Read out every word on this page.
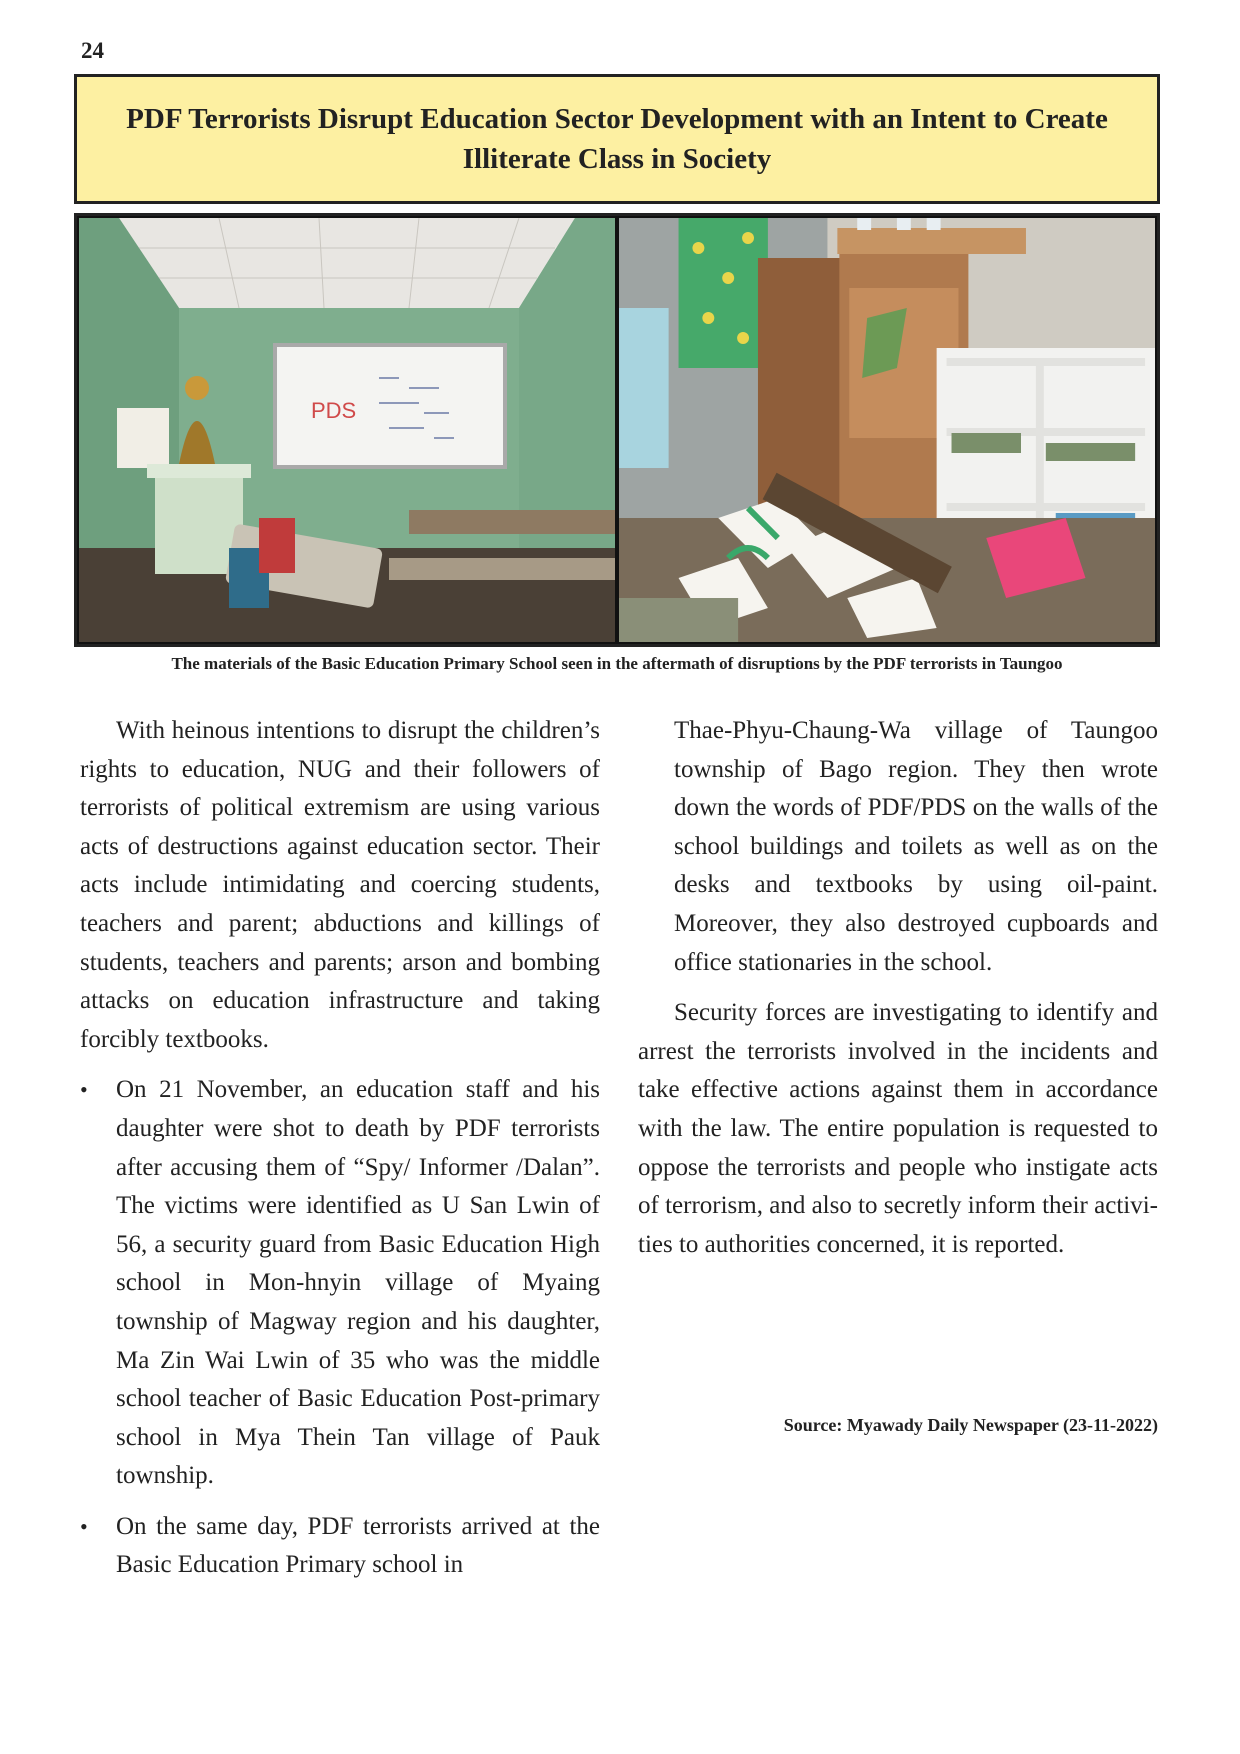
24
PDF Terrorists Disrupt Education Sector Development with an Intent to Create Illiterate Class in Society
PDS
The materials of the Basic Education Primary School seen in the aftermath of disruptions by the PDF terrorists in Taungoo

With heinous intentions to disrupt the children’s rights to education, NUG and their followers of terrorists of political extremism are using various acts of destructions against education sector. Their acts include intimidating and coercing students, teachers and parent; abductions and killings of students, teachers and parents; arson and bombing attacks on education infrastructure and taking forcibly textbooks.

• On 21 November, an education staff and his daughter were shot to death by PDF terrorists after accusing them of “Spy/ Informer /Dalan”. The victims were identified as U San Lwin of 56, a security guard from Basic Education High school in Mon-hnyin village of Myaing township of Magway region and his daughter, Ma Zin Wai Lwin of 35 who was the middle school teacher of Basic Education Post-primary school in Mya Thein Tan village of Pauk township.
• On the same day, PDF terrorists arrived at the Basic Education Primary school in

Thae-Phyu-Chaung-Wa village of Taungoo township of Bago region. They then wrote down the words of PDF/PDS on the walls of the school buildings and toilets as well as on the desks and textbooks by using oil-paint. Moreover, they also destroyed cupboards and office stationaries in the school.

Security forces are investigating to identify and arrest the terrorists involved in the incidents and take effective actions against them in accordance with the law. The entire population is requested to oppose the terrorists and people who instigate acts of terrorism, and also to secretly inform their activities to authorities concerned, it is reported.

Source: Myawady Daily Newspaper (23-11-2022)
